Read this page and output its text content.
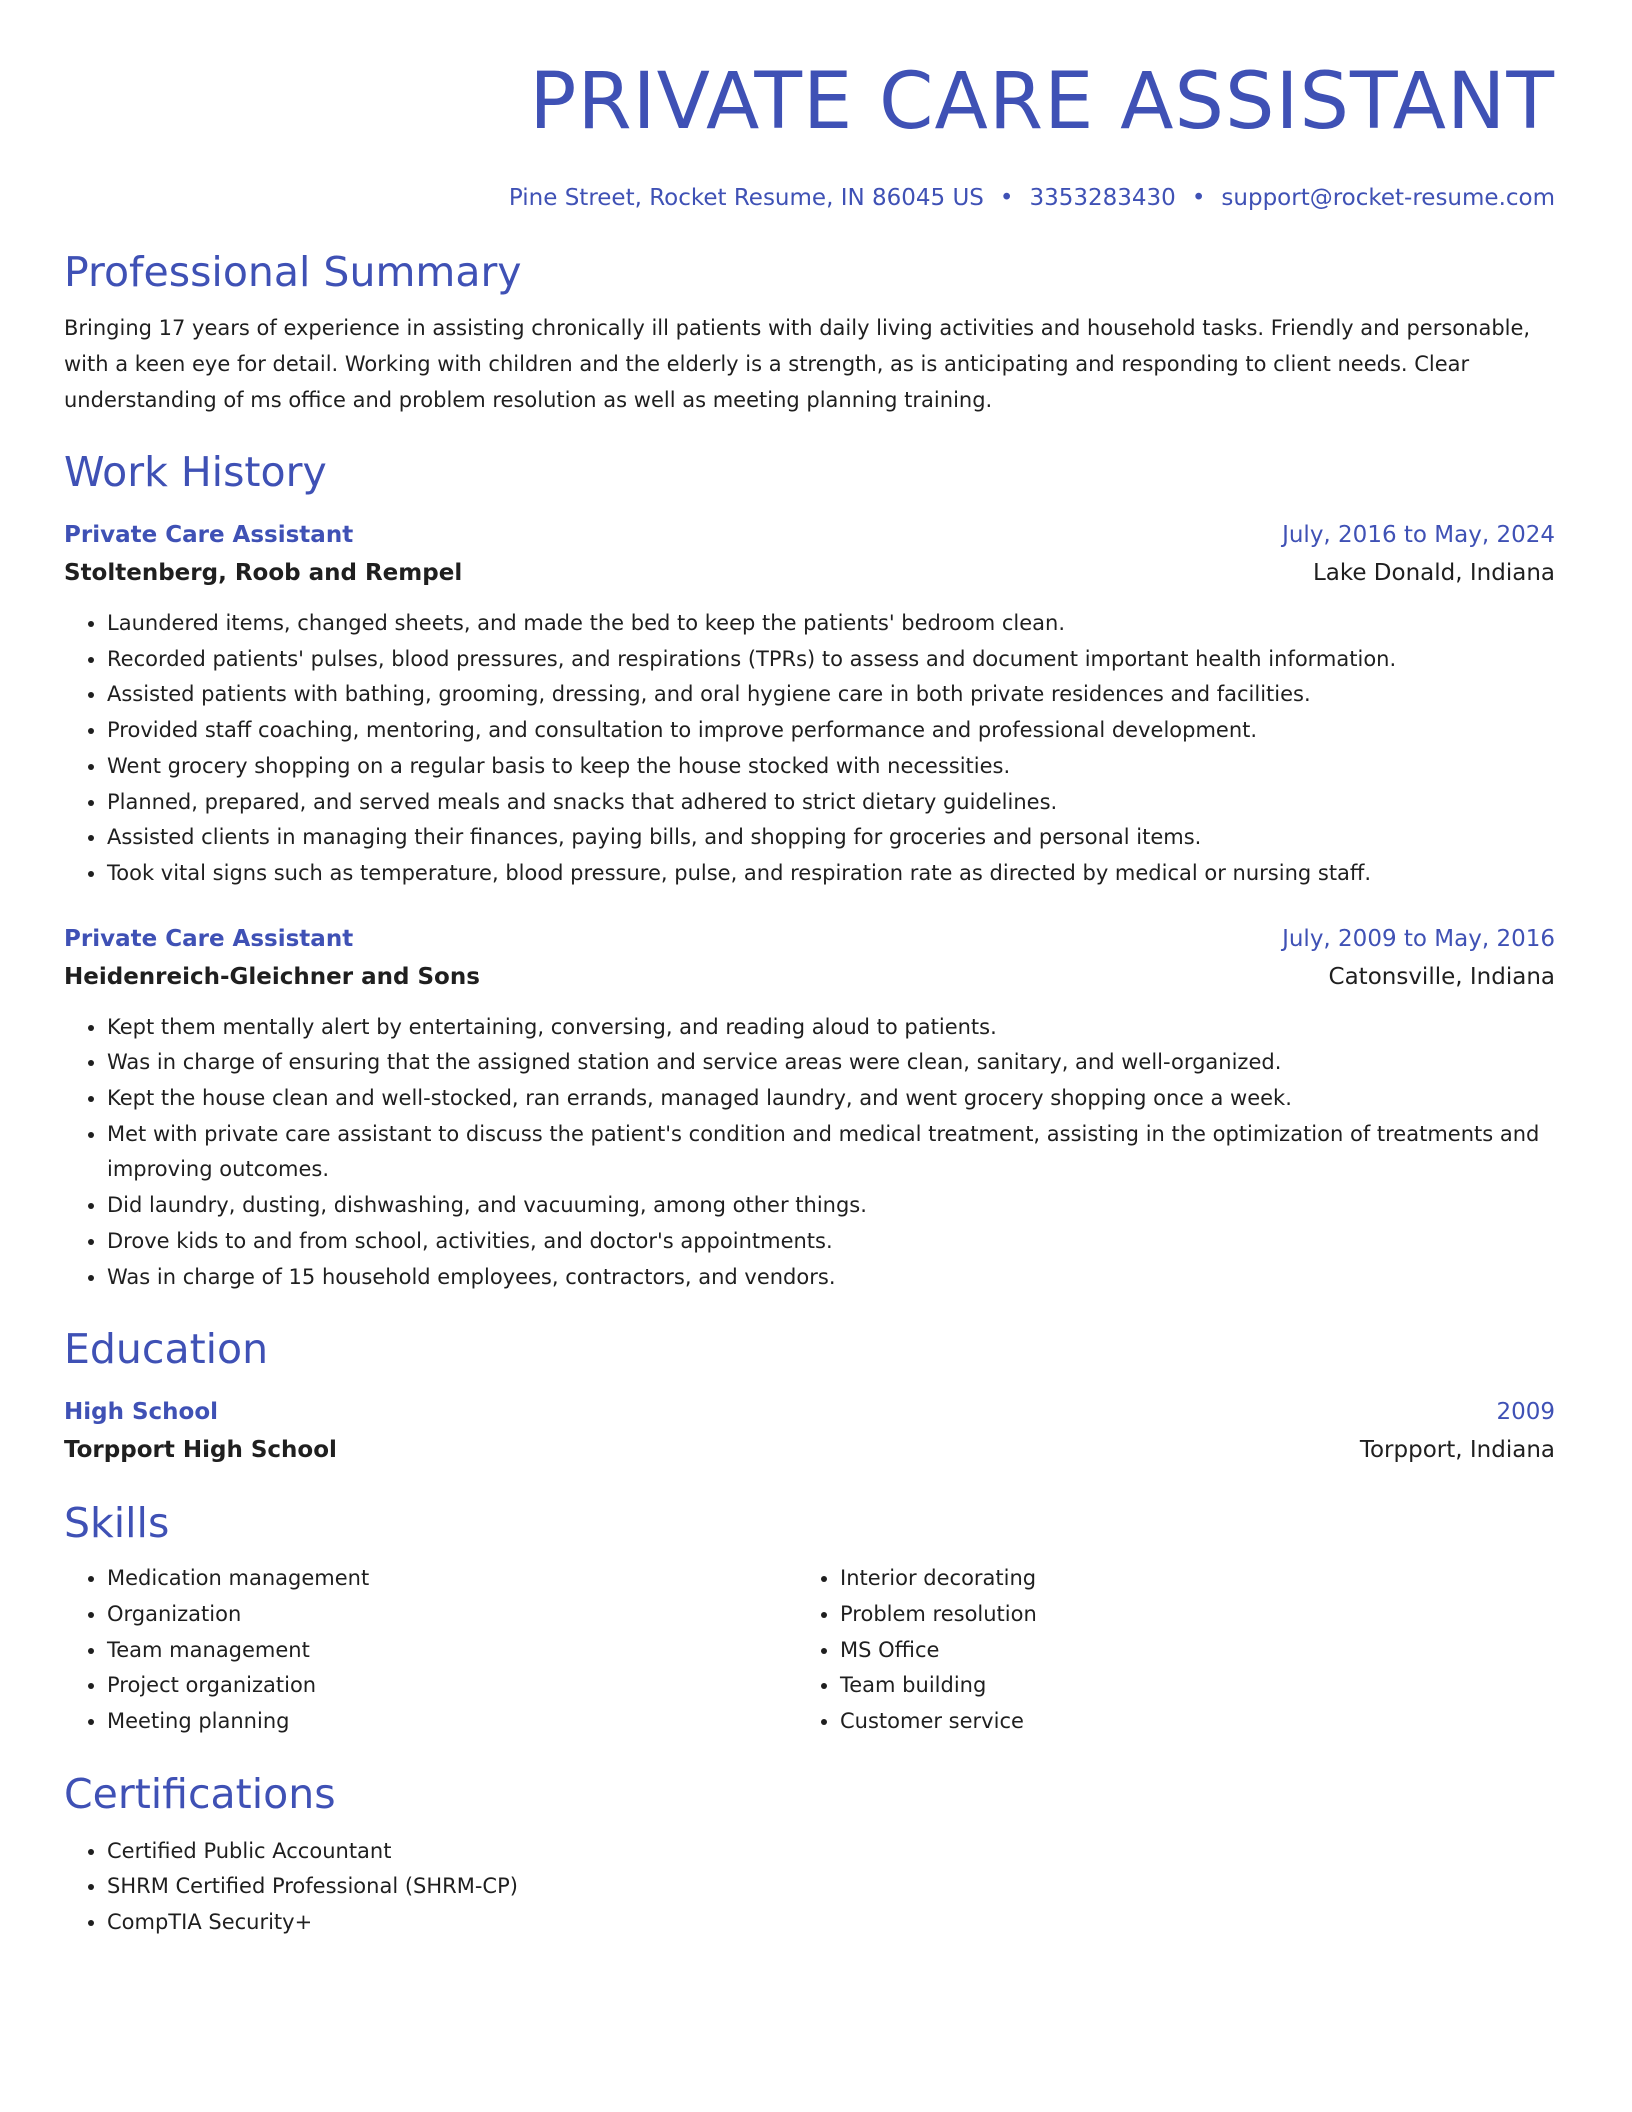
PRIVATE CARE ASSISTANT
Pine Street, Rocket Resume, IN 86045 US • 3353283430 • support@rocket-resume.com
Professional Summary
Bringing 17 years of experience in assisting chronically ill patients with daily living activities and household tasks. Friendly and personable, with a keen eye for detail. Working with children and the elderly is a strength, as is anticipating and responding to client needs. Clear understanding of ms office and problem resolution as well as meeting planning training.
Work History
Private Care Assistant	July, 2016 to May, 2024
Stoltenberg, Roob and Rempel	Lake Donald, Indiana
• Laundered items, changed sheets, and made the bed to keep the patients' bedroom clean.
• Recorded patients' pulses, blood pressures, and respirations (TPRs) to assess and document important health information.
• Assisted patients with bathing, grooming, dressing, and oral hygiene care in both private residences and facilities.
• Provided staff coaching, mentoring, and consultation to improve performance and professional development.
• Went grocery shopping on a regular basis to keep the house stocked with necessities.
• Planned, prepared, and served meals and snacks that adhered to strict dietary guidelines.
• Assisted clients in managing their finances, paying bills, and shopping for groceries and personal items.
• Took vital signs such as temperature, blood pressure, pulse, and respiration rate as directed by medical or nursing staff.
Private Care Assistant	July, 2009 to May, 2016
Heidenreich-Gleichner and Sons	Catonsville, Indiana
• Kept them mentally alert by entertaining, conversing, and reading aloud to patients.
• Was in charge of ensuring that the assigned station and service areas were clean, sanitary, and well-organized.
• Kept the house clean and well-stocked, ran errands, managed laundry, and went grocery shopping once a week.
• Met with private care assistant to discuss the patient's condition and medical treatment, assisting in the optimization of treatments and improving outcomes.
• Did laundry, dusting, dishwashing, and vacuuming, among other things.
• Drove kids to and from school, activities, and doctor's appointments.
• Was in charge of 15 household employees, contractors, and vendors.
Education
High School	2009
Torpport High School	Torpport, Indiana
Skills
• Medication management
• Organization
• Team management
• Project organization
• Meeting planning
• Interior decorating
• Problem resolution
• MS Office
• Team building
• Customer service
Certifications
• Certified Public Accountant
• SHRM Certified Professional (SHRM-CP)
• CompTIA Security+
